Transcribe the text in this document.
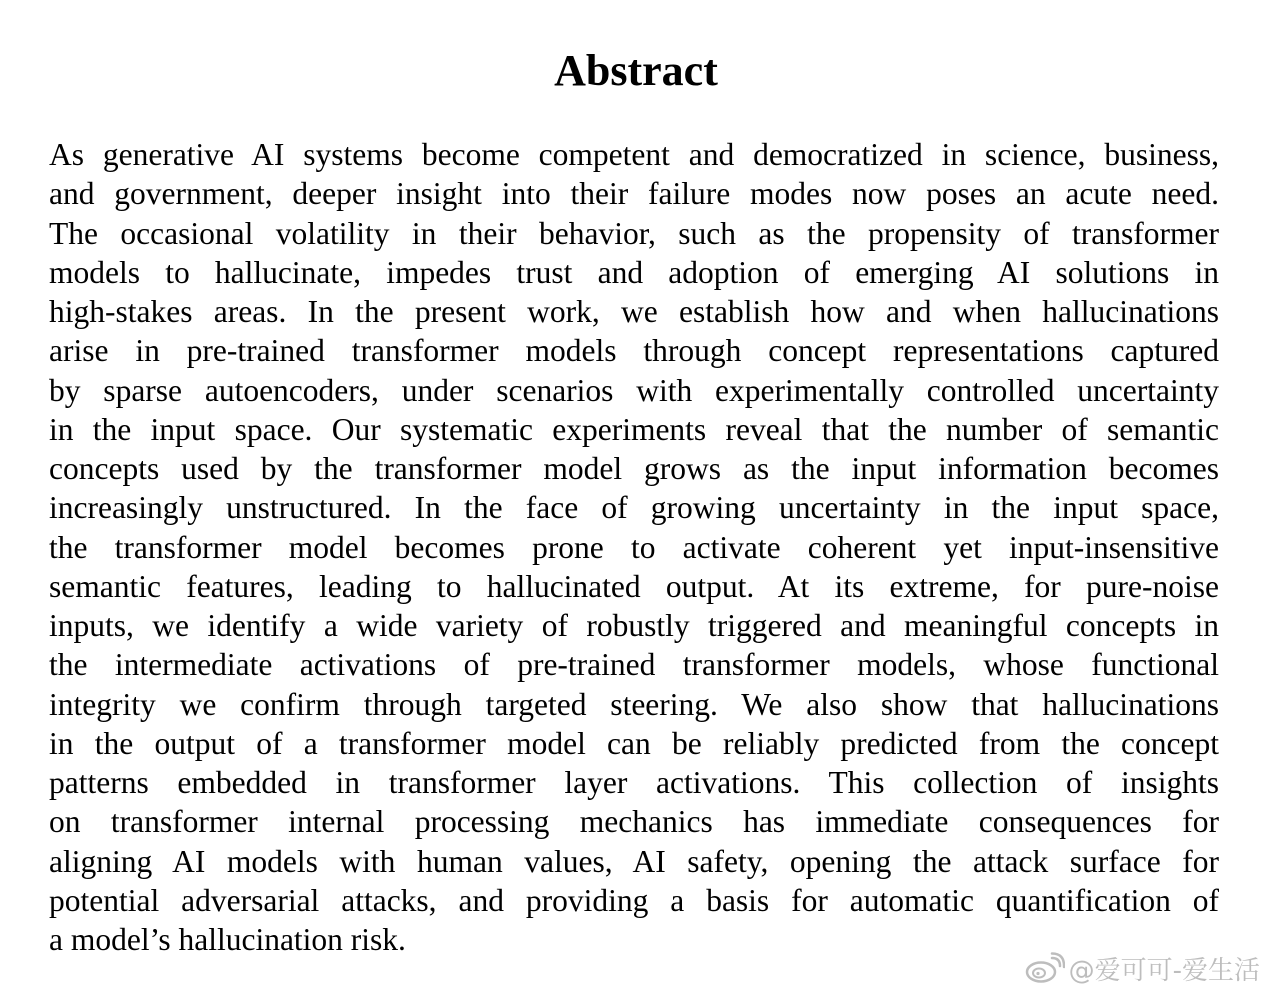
Abstract
As generative AI systems become competent and democratized in science, business,
and government, deeper insight into their failure modes now poses an acute need.
The occasional volatility in their behavior, such as the propensity of transformer
models to hallucinate, impedes trust and adoption of emerging AI solutions in
high-stakes areas. In the present work, we establish how and when hallucinations
arise in pre-trained transformer models through concept representations captured
by sparse autoencoders, under scenarios with experimentally controlled uncertainty
in the input space. Our systematic experiments reveal that the number of semantic
concepts used by the transformer model grows as the input information becomes
increasingly unstructured. In the face of growing uncertainty in the input space,
the transformer model becomes prone to activate coherent yet input-insensitive
semantic features, leading to hallucinated output. At its extreme, for pure-noise
inputs, we identify a wide variety of robustly triggered and meaningful concepts in
the intermediate activations of pre-trained transformer models, whose functional
integrity we confirm through targeted steering. We also show that hallucinations
in the output of a transformer model can be reliably predicted from the concept
patterns embedded in transformer layer activations. This collection of insights
on transformer internal processing mechanics has immediate consequences for
aligning AI models with human values, AI safety, opening the attack surface for
potential adversarial attacks, and providing a basis for automatic quantification of
a model’s hallucination risk.
@爱可可-爱生活
